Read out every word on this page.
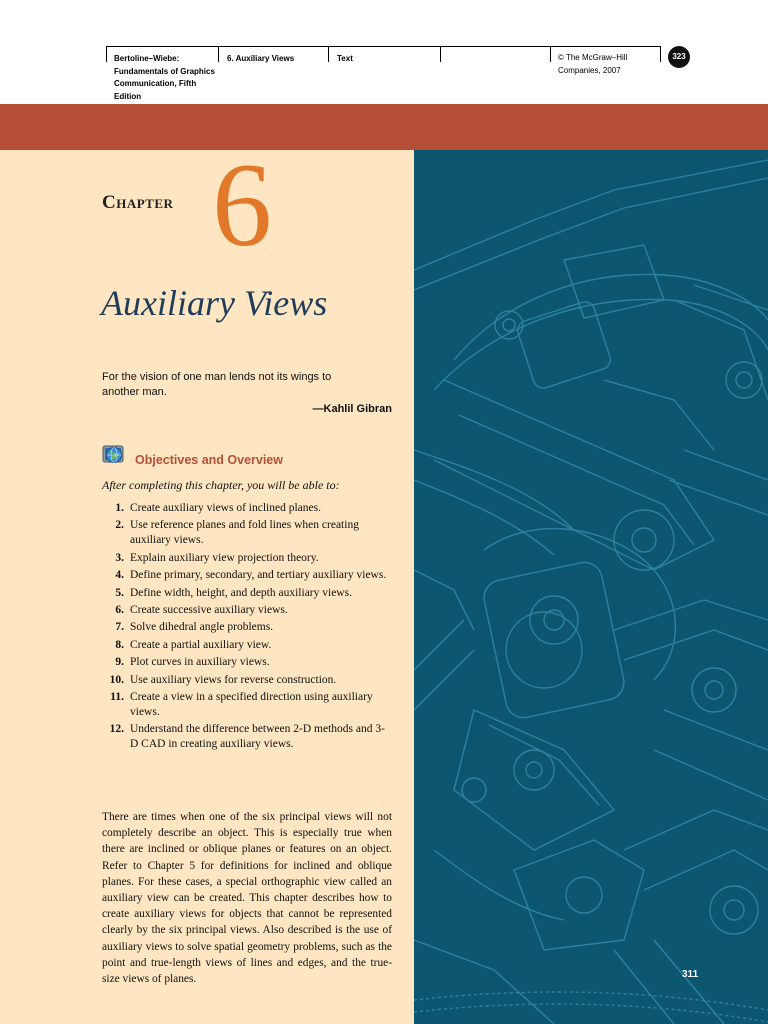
Bertoline–Wiebe: Fundamentals of Graphics Communication, Fifth Edition
6. Auxiliary Views	Text	© The McGraw–Hill Companies, 2007
323
Chapter 6
Auxiliary Views
For the vision of one man lends not its wings to another man.
—Kahlil Gibran
Objectives and Overview
After completing this chapter, you will be able to:
1. Create auxiliary views of inclined planes.
2. Use reference planes and fold lines when creating auxiliary views.
3. Explain auxiliary view projection theory.
4. Define primary, secondary, and tertiary auxiliary views.
5. Define width, height, and depth auxiliary views.
6. Create successive auxiliary views.
7. Solve dihedral angle problems.
8. Create a partial auxiliary view.
9. Plot curves in auxiliary views.
10. Use auxiliary views for reverse construction.
11. Create a view in a specified direction using auxiliary views.
12. Understand the difference between 2-D methods and 3-D CAD in creating auxiliary views.

There are times when one of the six principal views will not completely describe an object. This is especially true when there are inclined or oblique planes or features on an object. Refer to Chapter 5 for definitions for inclined and oblique planes. For these cases, a special orthographic view called an auxiliary view can be created. This chapter describes how to create auxiliary views for objects that cannot be represented clearly by the six principal views. Also described is the use of auxiliary views to solve spatial geometry problems, such as the point and true-length views of lines and edges, and the true-size views of planes.	311
